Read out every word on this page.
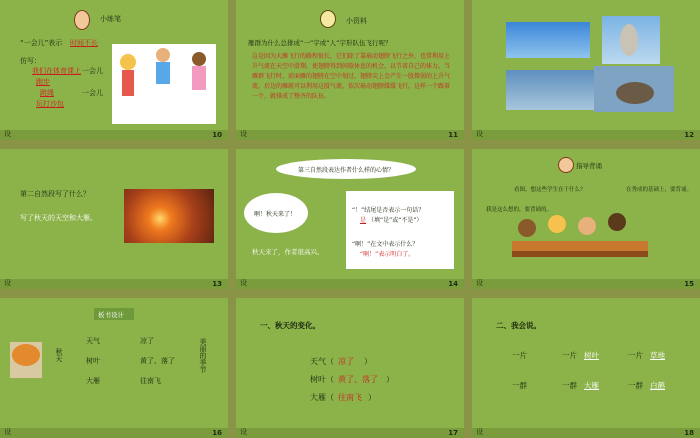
小练笔
“一会儿”表示 时间不长
仿写：
我们在体育课上 一会儿
跑步
跳绳	一会儿
玩打沙包
设	10
小资料
雁群为什么总排成“一”字或“人”字形队伍飞行呢？
这是因为大雁飞行的路程很长，它们除了靠扇动翅膀飞行之外，也常利用上升气流在天空中滑翔，使翅膀得到间歇休息的机会，以节省自己的体力。当雁群飞行时，前面雁的翅膀在空中划过，翅膀尖上会产生一股微弱的上升气流，后边的雁就可以利用这股气流，依次扇动翅膀缓缓飞行，这样一个跟着一个，就排成了整齐的队伍。
设	11	设	12
第二自然段写了什么？
写了秋天的天空和大雁。
设	13
第三自然段表达作者什么样的心情？
啊！秋天来了！
“！”结尾是否表示一句话？
是 （填“是”或“不是”）
“啊！”在文中表示什么？
“啊！”表示明白了。
秋天来了，作者很高兴。
设	14
指导背诵
看图、想这些学生在干什么？	在秀成的基础上，要背诵。
我是这么想的，要背诵的。
设	15
板书设计
秋天
天气	凉了
树叶	黄了、落了
大雁	往南飞
美丽的季节
设	16
一、秋天的变化。
天气（ 凉了 ）
树叶（ 黄了、落了 ）
大雁（ 往南飞 ）
设	17
二、我会说。
一片	一片 树叶	一片 草地
一群	一群 大雁	一群 白鹅
设	18
